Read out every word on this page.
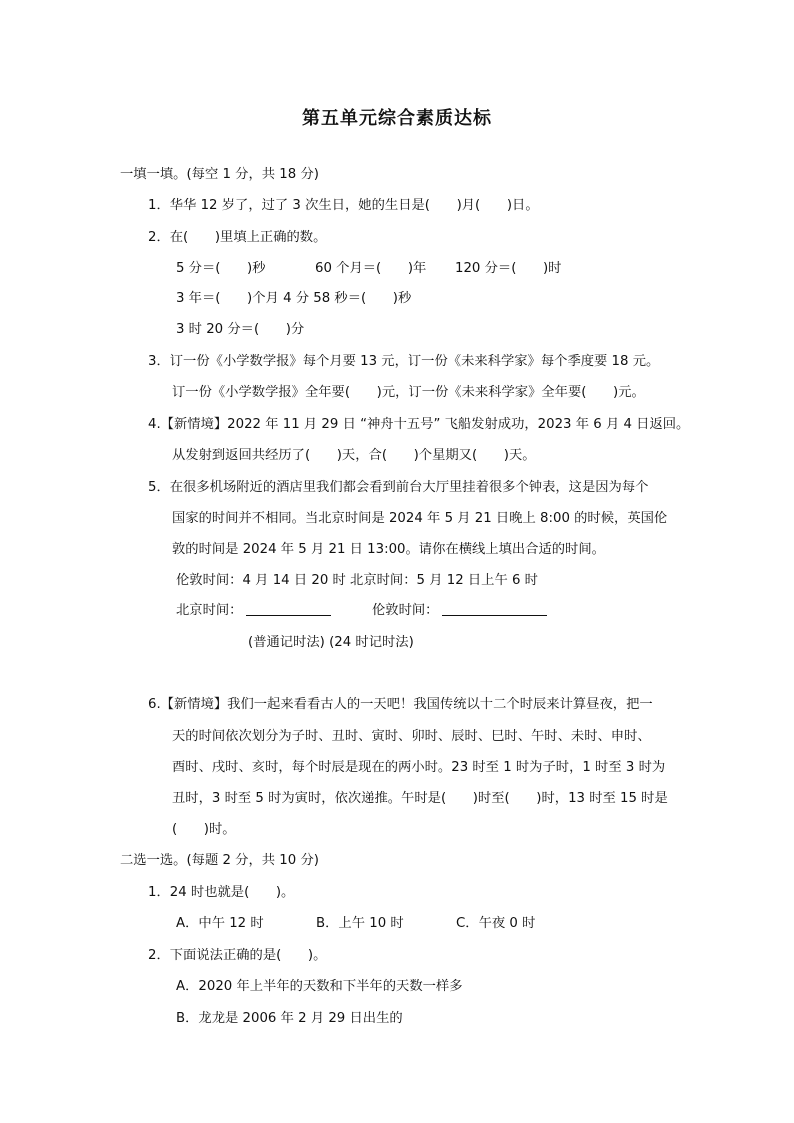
第五单元综合素质达标
一填一填。(每空 1 分，共 18 分)
1．华华 12 岁了，过了 3 次生日，她的生日是(　　)月(　　)日。
2．在(　　)里填上正确的数。
5 分＝(　　)秒	60 个月＝(　　)年 120 分＝(　　)时
3 年＝(　　)个月 4 分 58 秒＝(　　)秒
3 时 20 分＝(　　)分
3．订一份《小学数学报》每个月要 13 元，订一份《未来科学家》每个季度要 18 元。
订一份《小学数学报》全年要(　　)元，订一份《未来科学家》全年要(　　)元。
4.【新情境】2022 年 11 月 29 日 “神舟十五号” 飞船发射成功，2023 年 6 月 4 日返回。
从发射到返回共经历了(　　)天，合(　　)个星期又(　　)天。
5．在很多机场附近的酒店里我们都会看到前台大厅里挂着很多个钟表，这是因为每个
国家的时间并不相同。当北京时间是 2024 年 5 月 21 日晚上 8:00 的时候，英国伦
敦的时间是 2024 年 5 月 21 日 13:00。请你在横线上填出合适的时间。
伦敦时间：4 月 14 日 20 时 北京时间：5 月 12 日上午 6 时
北京时间：	伦敦时间：
(普通记时法) (24 时记时法)
6.【新情境】我们一起来看看古人的一天吧！我国传统以十二个时辰来计算昼夜，把一
天的时间依次划分为子时、丑时、寅时、卯时、辰时、巳时、午时、未时、申时、
酉时、戌时、亥时，每个时辰是现在的两小时。23 时至 1 时为子时，1 时至 3 时为
丑时，3 时至 5 时为寅时，依次递推。午时是(　　)时至(　　)时，13 时至 15 时是
(　　)时。
二选一选。(每题 2 分，共 10 分)
1．24 时也就是(　　)。
A．中午 12 时	B．上午 10 时	C．午夜 0 时
2．下面说法正确的是(　　)。
A．2020 年上半年的天数和下半年的天数一样多
B．龙龙是 2006 年 2 月 29 日出生的
